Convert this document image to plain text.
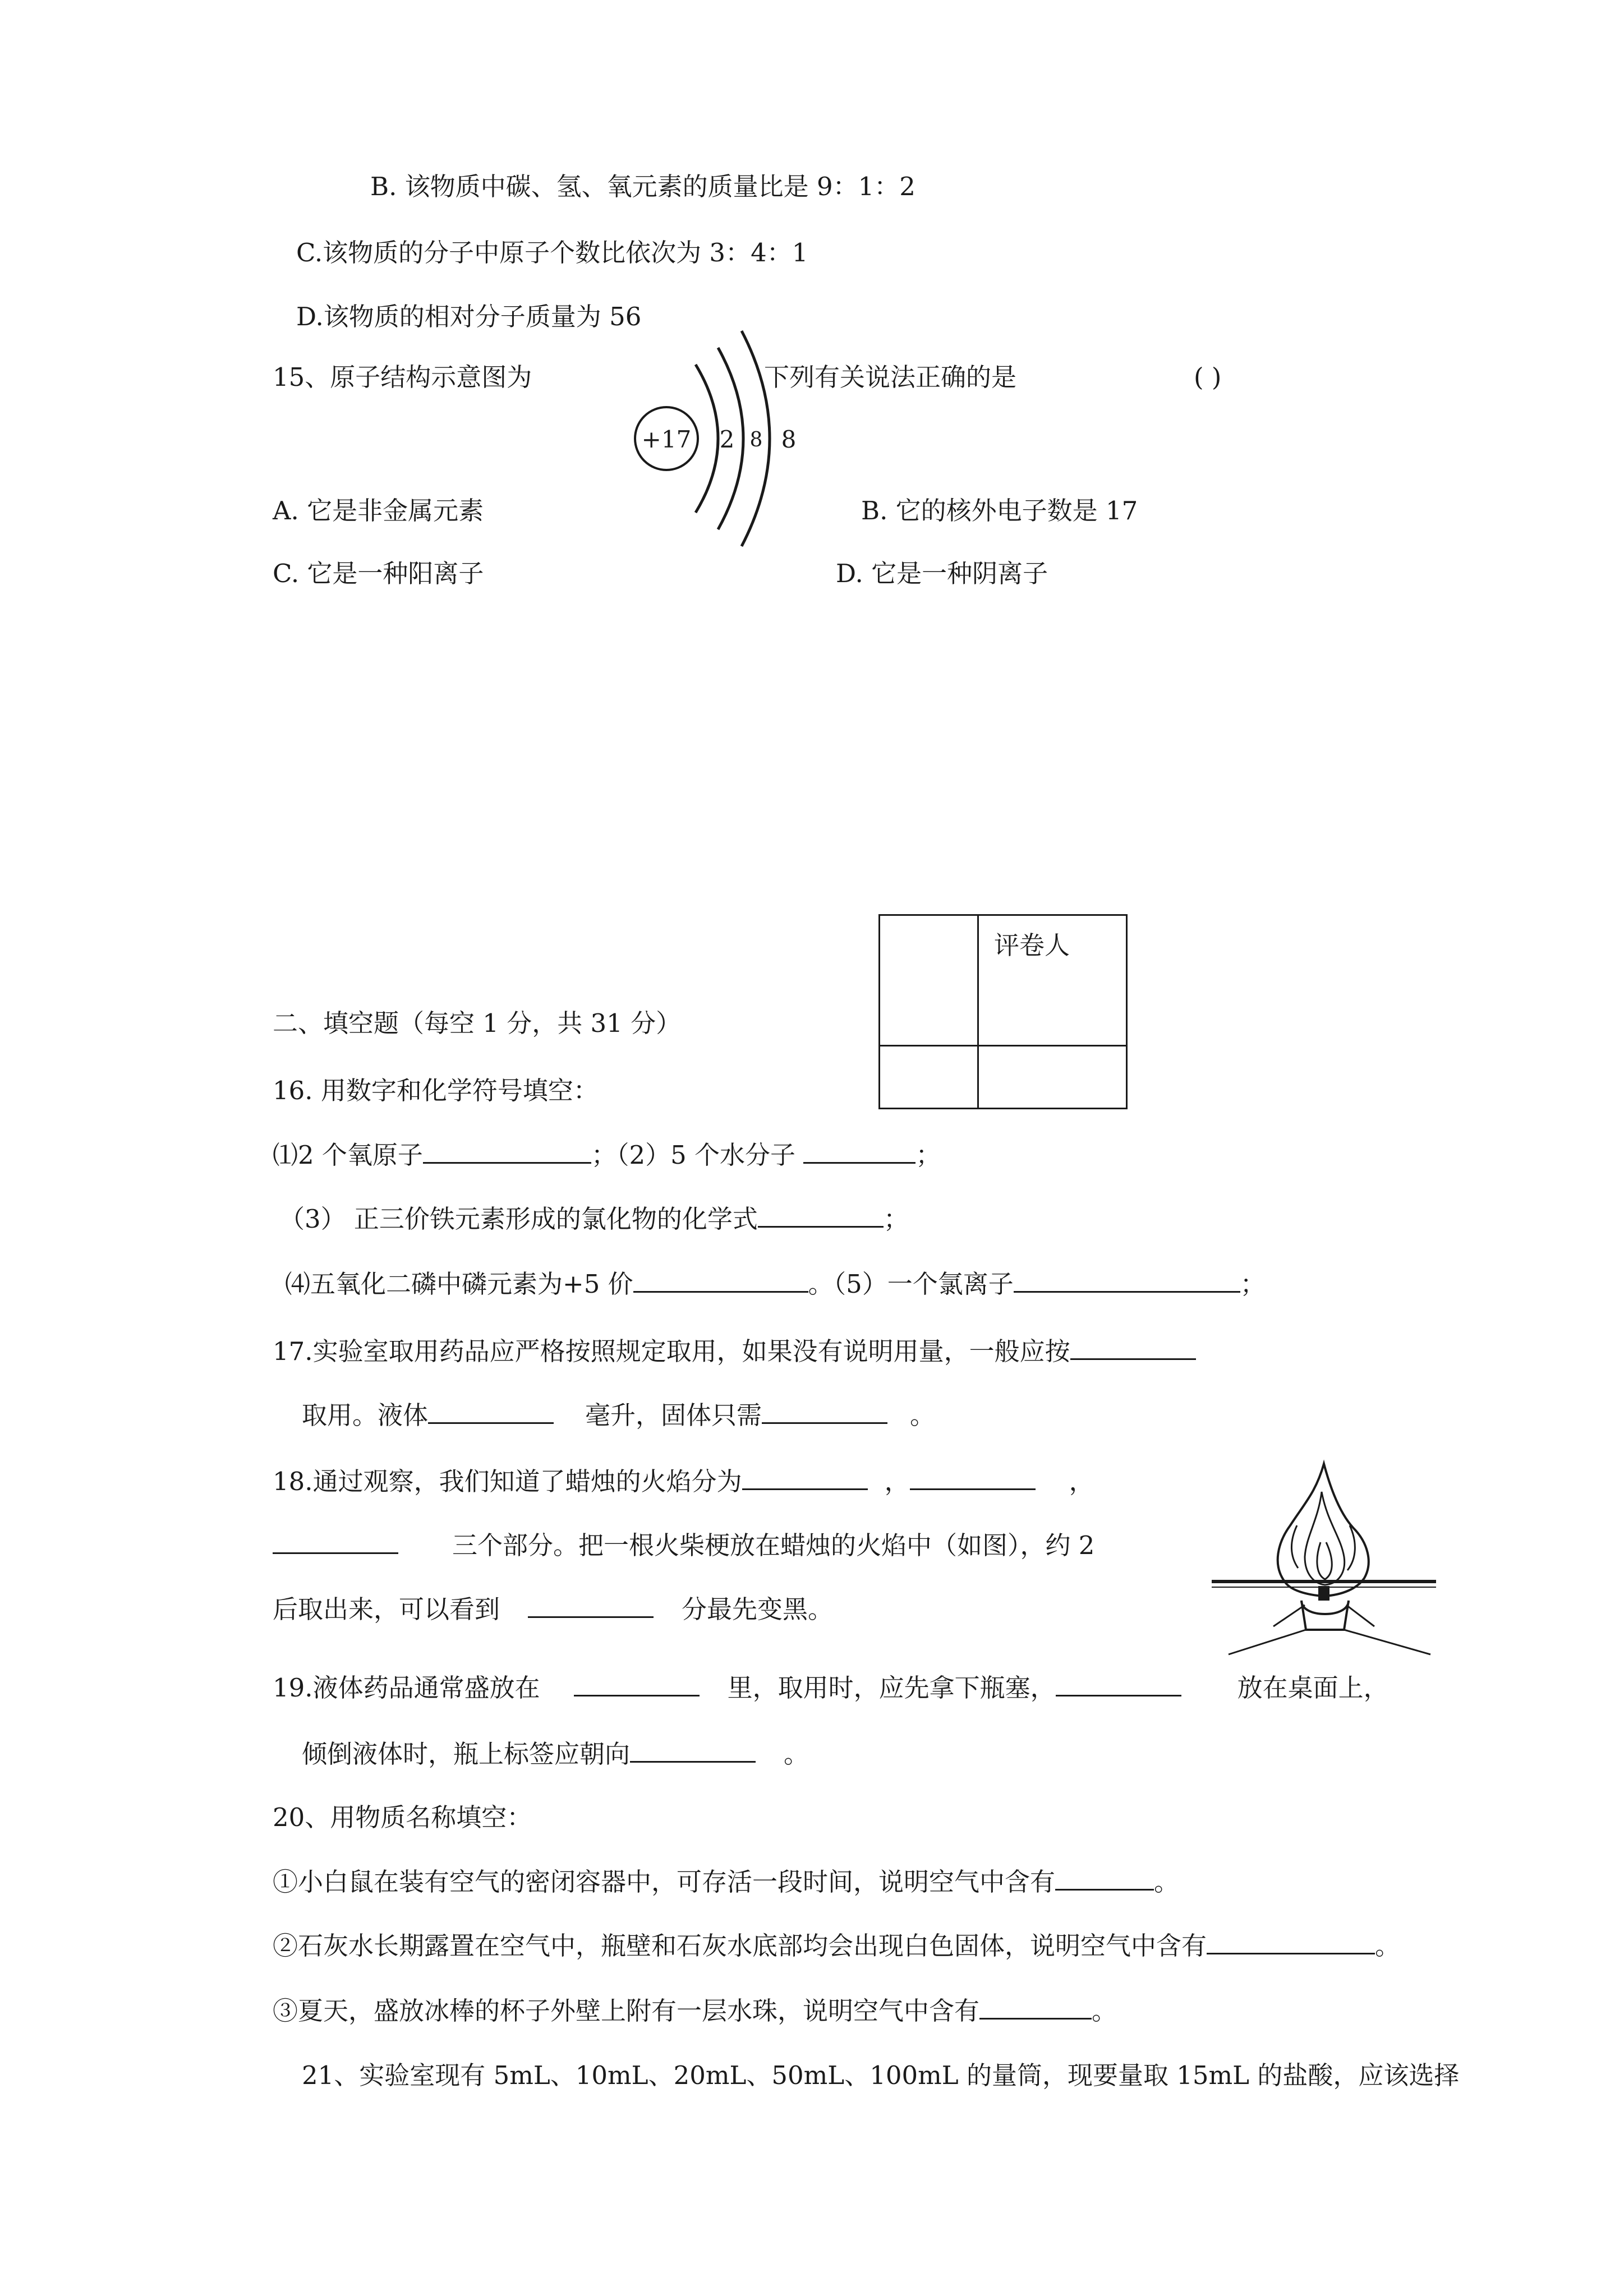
B. 该物质中碳、氢、氧元素的质量比是 9：1：2
C.该物质的分子中原子个数比依次为 3：4：1
D.该物质的相对分子质量为 56
15、原子结构示意图为	下列有关说法正确的是	( )
+17 2 8 8
A. 它是非金属元素	B. 它的核外电子数是 17
C. 它是一种阳离子	D. 它是一种阴离子
评卷人
二、填空题（每空 1 分，共 31 分）
16. 用数字和化学符号填空：
⑴2 个氧原子	；（2）5 个水分子	；
（3） 正三价铁元素形成的氯化物的化学式	；
⑷五氧化二磷中磷元素为+5 价	。（5）一个氯离子	；
17.实验室取用药品应严格按照规定取用，如果没有说明用量，一般应按
取用。液体	毫升，固体只需	。
18.通过观察，我们知道了蜡烛的火焰分为	，	，
三个部分。把一根火柴梗放在蜡烛的火焰中（如图），约 2
后取出来，可以看到	分最先变黑。
19.液体药品通常盛放在	里，取用时，应先拿下瓶塞，	放在桌面上，
倾倒液体时，瓶上标签应朝向	。
20、用物质名称填空：
①小白鼠在装有空气的密闭容器中，可存活一段时间，说明空气中含有	。
②石灰水长期露置在空气中，瓶壁和石灰水底部均会出现白色固体，说明空气中含有	。
③夏天，盛放冰棒的杯子外壁上附有一层水珠，说明空气中含有	。
21、实验室现有 5mL、10mL、20mL、50mL、100mL 的量筒，现要量取 15mL 的盐酸，应该选择
